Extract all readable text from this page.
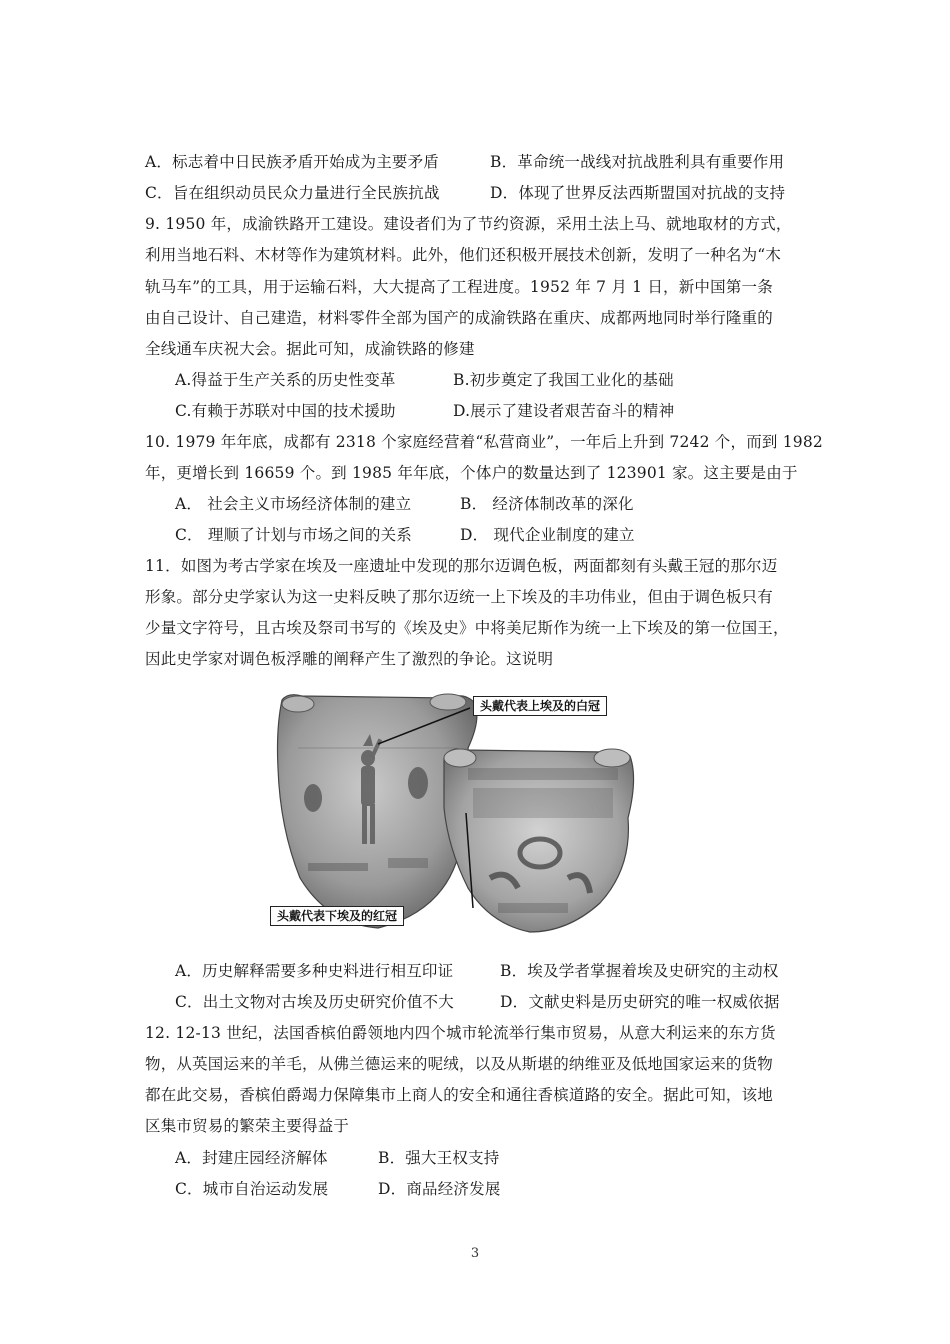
A．标志着中日民族矛盾开始成为主要矛盾	B．革命统一战线对抗战胜利具有重要作用
C．旨在组织动员民众力量进行全民族抗战	D．体现了世界反法西斯盟国对抗战的支持
9. 1950 年，成渝铁路开工建设。建设者们为了节约资源，采用土法上马、就地取材的方式，
利用当地石料、木材等作为建筑材料。此外，他们还积极开展技术创新，发明了一种名为“木
轨马车”的工具，用于运输石料，大大提高了工程进度。1952 年 7 月 1 日，新中国第一条
由自己设计、自己建造，材料零件全部为国产的成渝铁路在重庆、成都两地同时举行隆重的
全线通车庆祝大会。据此可知，成渝铁路的修建
A.得益于生产关系的历史性变革	B.初步奠定了我国工业化的基础
C.有赖于苏联对中国的技术援助	D.展示了建设者艰苦奋斗的精神
10. 1979 年年底，成都有 2318 个家庭经营着“私营商业”，一年后上升到 7242 个，而到 1982
年，更增长到 16659 个。到 1985 年年底，个体户的数量达到了 123901 家。这主要是由于
A． 社会主义市场经济体制的建立	B． 经济体制改革的深化
C． 理顺了计划与市场之间的关系	D． 现代企业制度的建立
11．如图为考古学家在埃及一座遗址中发现的那尔迈调色板，两面都刻有头戴王冠的那尔迈
形象。部分史学家认为这一史料反映了那尔迈统一上下埃及的丰功伟业，但由于调色板只有
少量文字符号，且古埃及祭司书写的《埃及史》中将美尼斯作为统一上下埃及的第一位国王，
因此史学家对调色板浮雕的阐释产生了激烈的争论。这说明
头戴代表上埃及的白冠
头戴代表下埃及的红冠
A．历史解释需要多种史料进行相互印证	B．埃及学者掌握着埃及史研究的主动权
C．出土文物对古埃及历史研究价值不大	D．文献史料是历史研究的唯一权威依据
12. 12-13 世纪，法国香槟伯爵领地内四个城市轮流举行集市贸易，从意大利运来的东方货
物，从英国运来的羊毛，从佛兰德运来的呢绒，以及从斯堪的纳维亚及低地国家运来的货物
都在此交易，香槟伯爵竭力保障集市上商人的安全和通往香槟道路的安全。据此可知，该地
区集市贸易的繁荣主要得益于
A．封建庄园经济解体	B．强大王权支持
C．城市自治运动发展	D．商品经济发展
3
